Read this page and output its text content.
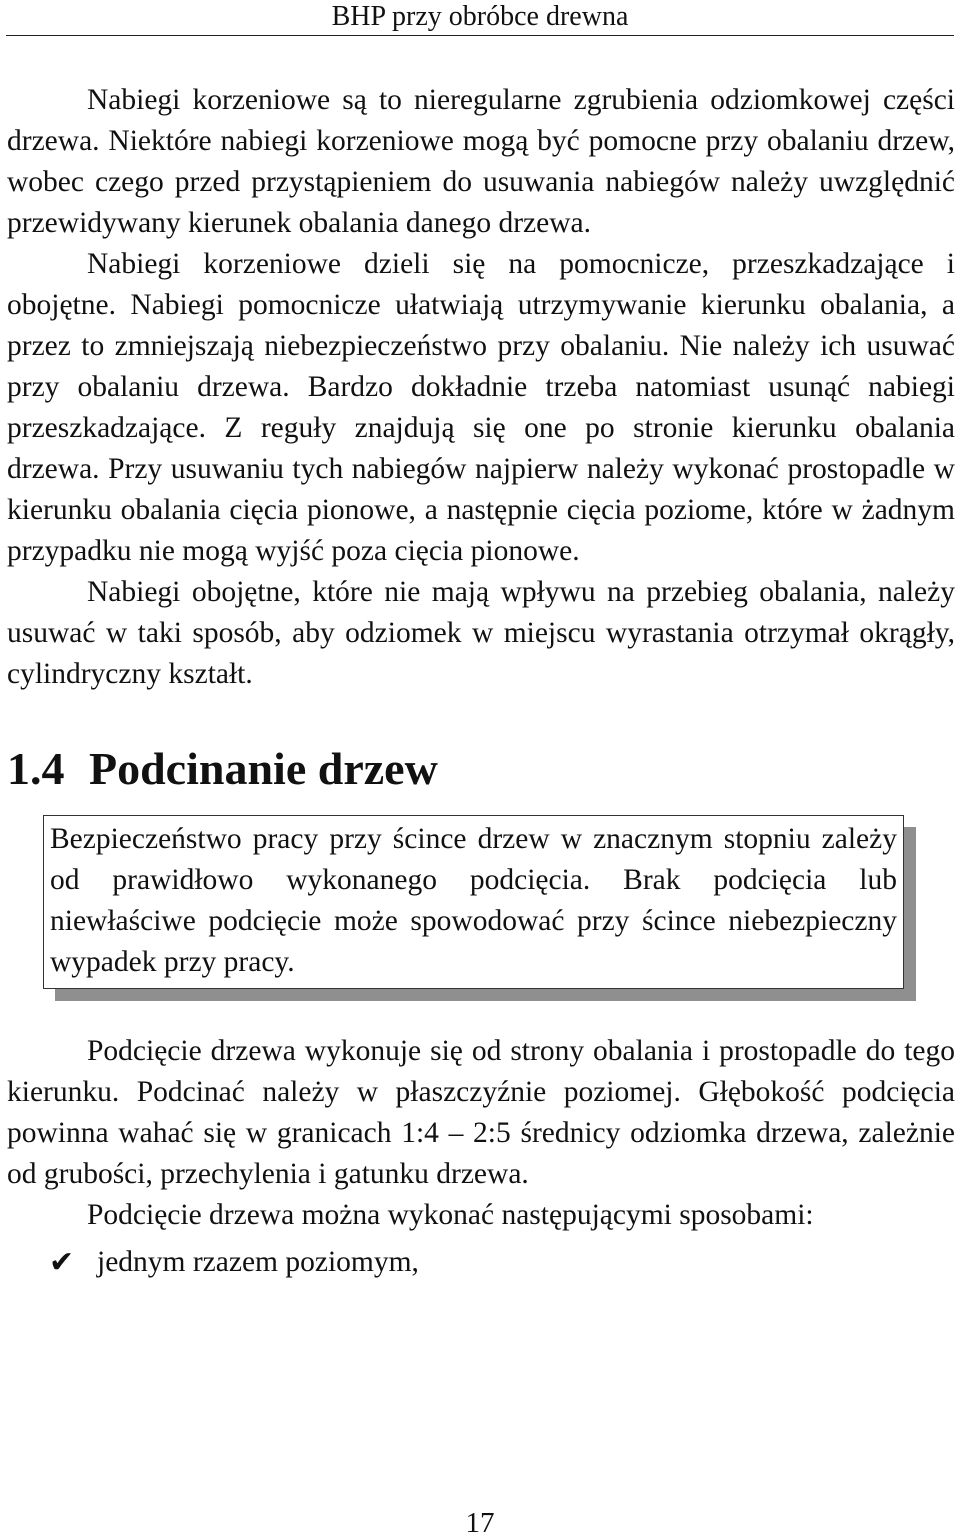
BHP przy obróbce drewna

Nabiegi korzeniowe są to nieregularne zgrubienia odziomkowej części drzewa. Niektóre nabiegi korzeniowe mogą być pomocne przy obalaniu drzew, wobec czego przed przystąpieniem do usuwania nabiegów należy uwzględnić przewidywany kierunek obalania danego drzewa.

Nabiegi korzeniowe dzieli się na pomocnicze, przeszkadzające i obojętne. Nabiegi pomocnicze ułatwiają utrzymywanie kierunku obalania, a przez to zmniejszają niebezpieczeństwo przy obalaniu. Nie należy ich usuwać przy obalaniu drzewa. Bardzo dokładnie trzeba natomiast usunąć nabiegi przeszkadzające. Z reguły znajdują się one po stronie kierunku obalania drzewa. Przy usuwaniu tych nabiegów najpierw należy wykonać prostopadle w kierunku obalania cięcia pionowe, a następnie cięcia poziome, które w żadnym przypadku nie mogą wyjść poza cięcia pionowe.

Nabiegi obojętne, które nie mają wpływu na przebieg obalania, należy usuwać w taki sposób, aby odziomek w miejscu wyrastania otrzymał okrągły, cylindryczny kształt.

1.4 Podcinanie drzew

Bezpieczeństwo pracy przy ścince drzew w znacznym stopniu zależy od prawidłowo wykonanego podcięcia. Brak podcięcia lub niewłaściwe podcięcie może spowodować przy ścince niebezpieczny wypadek przy pracy.

Podcięcie drzewa wykonuje się od strony obalania i prostopadle do tego kierunku. Podcinać należy w płaszczyźnie poziomej. Głębokość podcięcia powinna wahać się w granicach 1:4 – 2:5 średnicy odziomka drzewa, zależnie od grubości, przechylenia i gatunku drzewa.

Podcięcie drzewa można wykonać następującymi sposobami:

✔ jednym rzazem poziomym,
17
